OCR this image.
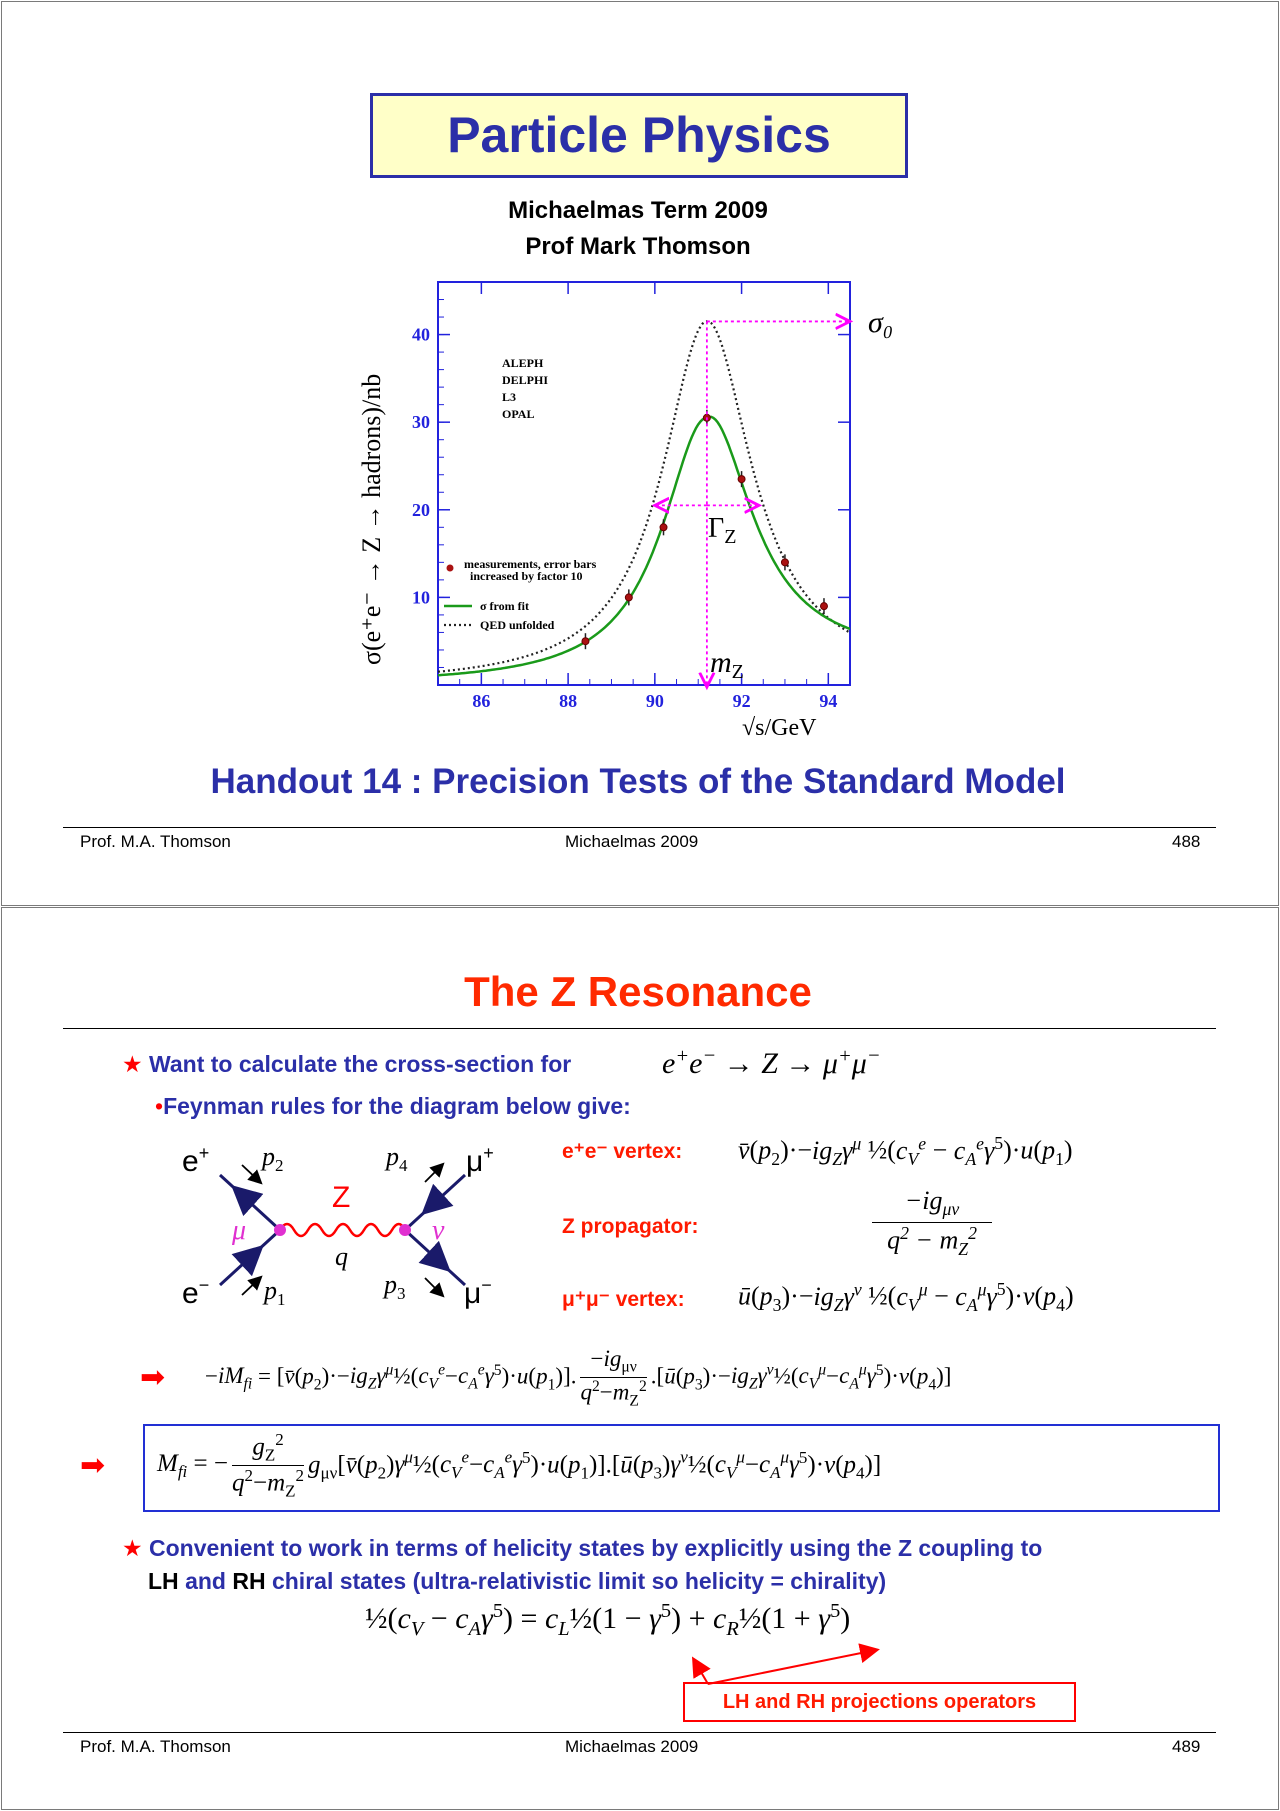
Particle Physics
Michaelmas Term 2009
Prof Mark Thomson
86	88	90	92	94
10
20
30
40	σ₀
$\Gamma_Z$
$m_Z$
ALEPH
DELPHI
L3
OPAL
measurements, error bars
increased by factor 10
σ from fit
QED unfolded
√s/GeV
σ(e⁺e⁻ → Z → hadrons)/nb
Handout 14 : Precision Tests of the Standard Model
Prof. M.A. Thomson	Michaelmas 2009	488
The Z Resonance
★ Want to calculate the cross-section for	e+e− → Z → μ+μ−
•Feynman rules for the diagram below give:
e+
e−
μ+
μ−
$p_2$
$p_1$
$p_4$
$p_3$
Z
q
μ	ν
e⁺e⁻ vertex: $v̄(p_2)\cdot-ig_Z\gamma^\mu$ $\frac{1}{2}(c_V^e - c_A^e\gamma^5)\cdot u(p_1)$
Z propagator:
$-ig_{\mu\nu}$
$q^2 - m_Z^2$
μ⁺μ⁻ vertex: $ū(p_3)\cdot-ig_Z\gamma^\nu$ $\frac{1}{2}(c_V^\mu - c_A^\mu\gamma^5)\cdot v(p_4)$
➡ $-iM_{fi}$ = $[v̄(p_2)\cdot-ig_Z\gamma^\mu\frac{1}{2}(c_V^e-c_A^e\gamma^5)\cdot u(p_1)]$.
$-ig_{\mu\nu}$
$q^2-m_Z^2$ $.[ū(p_3)\cdot-ig_Z\gamma^\nu\frac{1}{2}(c_V^\mu-c_A^\mu\gamma^5)\cdot v(p_4)]$
➡ $M_{fi}$ = − $\frac{g_Z^2}{q^2-m_Z^2}$ $g_{\mu\nu}[v̄(p_2)\gamma^\mu\frac{1}{2}(c_V^e-c_A^e\gamma^5)\cdot u(p_1)].[ū(p_3)\gamma^\nu\frac{1}{2}(c_V^\mu-c_A^\mu\gamma^5)\cdot v(p_4)]$
★ Convenient to work in terms of helicity states by explicitly using the Z coupling to
LH and RH chiral states (ultra-relativistic limit so helicity = chirality)
$\frac{1}{2}(c_V - c_A\gamma^5)$ = $c_L\frac{1}{2}(1 - \gamma^5)$ + $c_R\frac{1}{2}(1 + \gamma^5)$
LH and RH projections operators
Prof. M.A. Thomson	Michaelmas 2009	489
